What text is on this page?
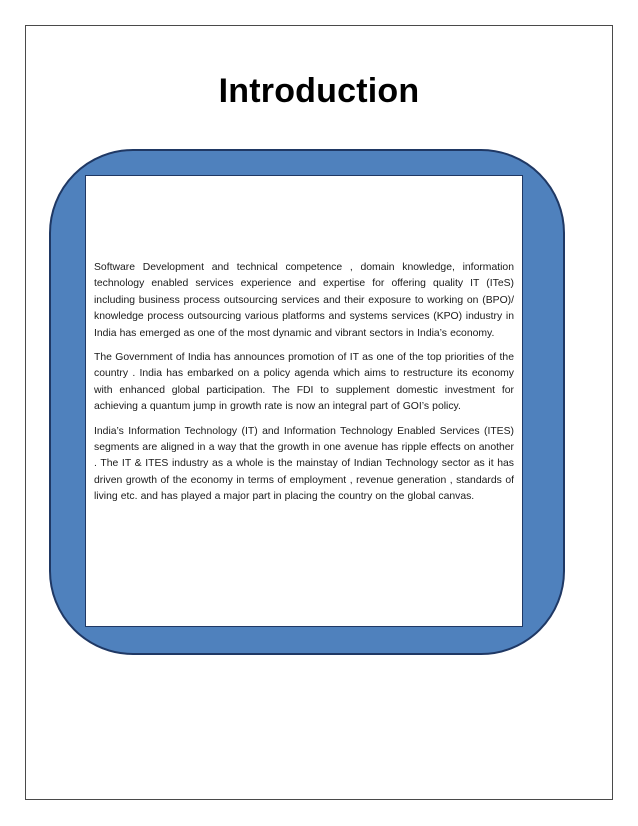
Introduction

Software Development and technical competence , domain knowledge, information technology enabled services experience and expertise for offering quality IT (ITeS) including business process outsourcing services and their exposure to working on (BPO)/ knowledge process outsourcing various platforms and systems services (KPO) industry in India has emerged as one of the most dynamic and vibrant sectors in India’s economy.

The Government of India has announces promotion of IT as one of the top priorities of the country . India has embarked on a policy agenda which aims to restructure its economy with enhanced global participation. The FDI to supplement domestic investment for achieving a quantum jump in growth rate is now an integral part of GOI’s policy.

India’s Information Technology (IT) and Information Technology Enabled Services (ITES) segments are aligned in a way that the growth in one avenue has ripple effects on another . The IT & ITES industry as a whole is the mainstay of Indian Technology sector as it has driven growth of the economy in terms of employment , revenue generation , standards of living etc. and has played a major part in placing the country on the global canvas.
